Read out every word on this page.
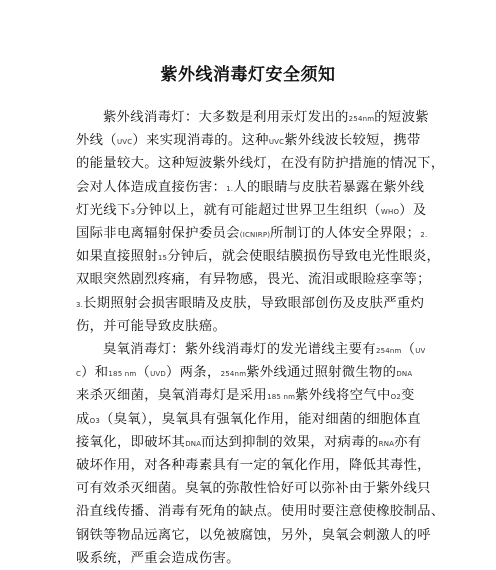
紫外线消毒灯安全须知
紫外线消毒灯：大多数是利用汞灯发出的254nm的短波紫
外线（UVC）来实现消毒的。这种UVC紫外线波长较短，携带
的能量较大。这种短波紫外线灯，在没有防护措施的情况下，
会对人体造成直接伤害：1.人的眼睛与皮肤若暴露在紫外线
灯光线下3分钟以上，就有可能超过世界卫生组织（WHO）及
国际非电离辐射保护委员会(ICNIRP)所制订的人体安全界限；2.
如果直接照射15分钟后，就会使眼结膜损伤导致电光性眼炎，
双眼突然剧烈疼痛，有异物感，畏光、流泪或眼睑痉挛等；
3.长期照射会损害眼睛及皮肤，导致眼部创伤及皮肤严重灼
伤，并可能导致皮肤癌。
臭氧消毒灯：紫外线消毒灯的发光谱线主要有254nm（UV
C）和185 nm（UVD）两条，254nm紫外线通过照射微生物的DNA
来杀灭细菌，臭氧消毒灯是采用185 nm紫外线将空气中O2变
成O3（臭氧），臭氧具有强氧化作用，能对细菌的细胞体直
接氧化，即破坏其DNA而达到抑制的效果，对病毒的RNA亦有
破坏作用，对各种毒素具有一定的氧化作用，降低其毒性，
可有效杀灭细菌。臭氧的弥散性恰好可以弥补由于紫外线只
沿直线传播、消毒有死角的缺点。使用时要注意使橡胶制品、
钢铁等物品远离它，以免被腐蚀，另外，臭氧会刺激人的呼
吸系统，严重会造成伤害。
